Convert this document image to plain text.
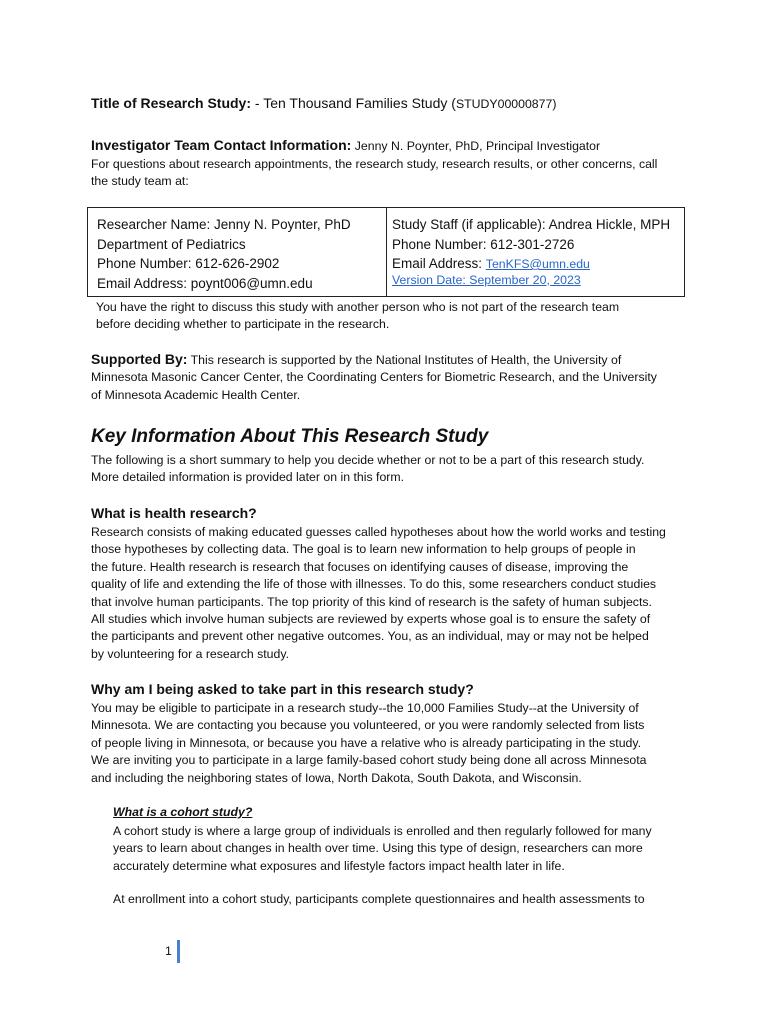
Title of Research Study: - Ten Thousand Families Study (STUDY00000877)
Investigator Team Contact Information: Jenny N. Poynter, PhD, Principal Investigator
For questions about research appointments, the research study, research results, or other concerns, call
the study team at:
Researcher Name: Jenny N. Poynter, PhD
Department of Pediatrics
Phone Number: 612-626-2902
Email Address: poynt006@umn.edu
Study Staff (if applicable): Andrea Hickle, MPH
Phone Number: 612-301-2726
Email Address: TenKFS@umn.edu
Version Date: September 20, 2023
You have the right to discuss this study with another person who is not part of the research team
before deciding whether to participate in the research.
Supported By: This research is supported by the National Institutes of Health, the University of
Minnesota Masonic Cancer Center, the Coordinating Centers for Biometric Research, and the University
of Minnesota Academic Health Center.
Key Information About This Research Study
The following is a short summary to help you decide whether or not to be a part of this research study.
More detailed information is provided later on in this form.
What is health research?
Research consists of making educated guesses called hypotheses about how the world works and testing
those hypotheses by collecting data. The goal is to learn new information to help groups of people in
the future. Health research is research that focuses on identifying causes of disease, improving the
quality of life and extending the life of those with illnesses. To do this, some researchers conduct studies
that involve human participants. The top priority of this kind of research is the safety of human subjects.
All studies which involve human subjects are reviewed by experts whose goal is to ensure the safety of
the participants and prevent other negative outcomes. You, as an individual, may or may not be helped
by volunteering for a research study.
Why am I being asked to take part in this research study?
You may be eligible to participate in a research study--the 10,000 Families Study--at the University of
Minnesota. We are contacting you because you volunteered, or you were randomly selected from lists
of people living in Minnesota, or because you have a relative who is already participating in the study.
We are inviting you to participate in a large family-based cohort study being done all across Minnesota
and including the neighboring states of Iowa, North Dakota, South Dakota, and Wisconsin.
What is a cohort study?
A cohort study is where a large group of individuals is enrolled and then regularly followed for many
years to learn about changes in health over time. Using this type of design, researchers can more
accurately determine what exposures and lifestyle factors impact health later in life.
At enrollment into a cohort study, participants complete questionnaires and health assessments to
1
